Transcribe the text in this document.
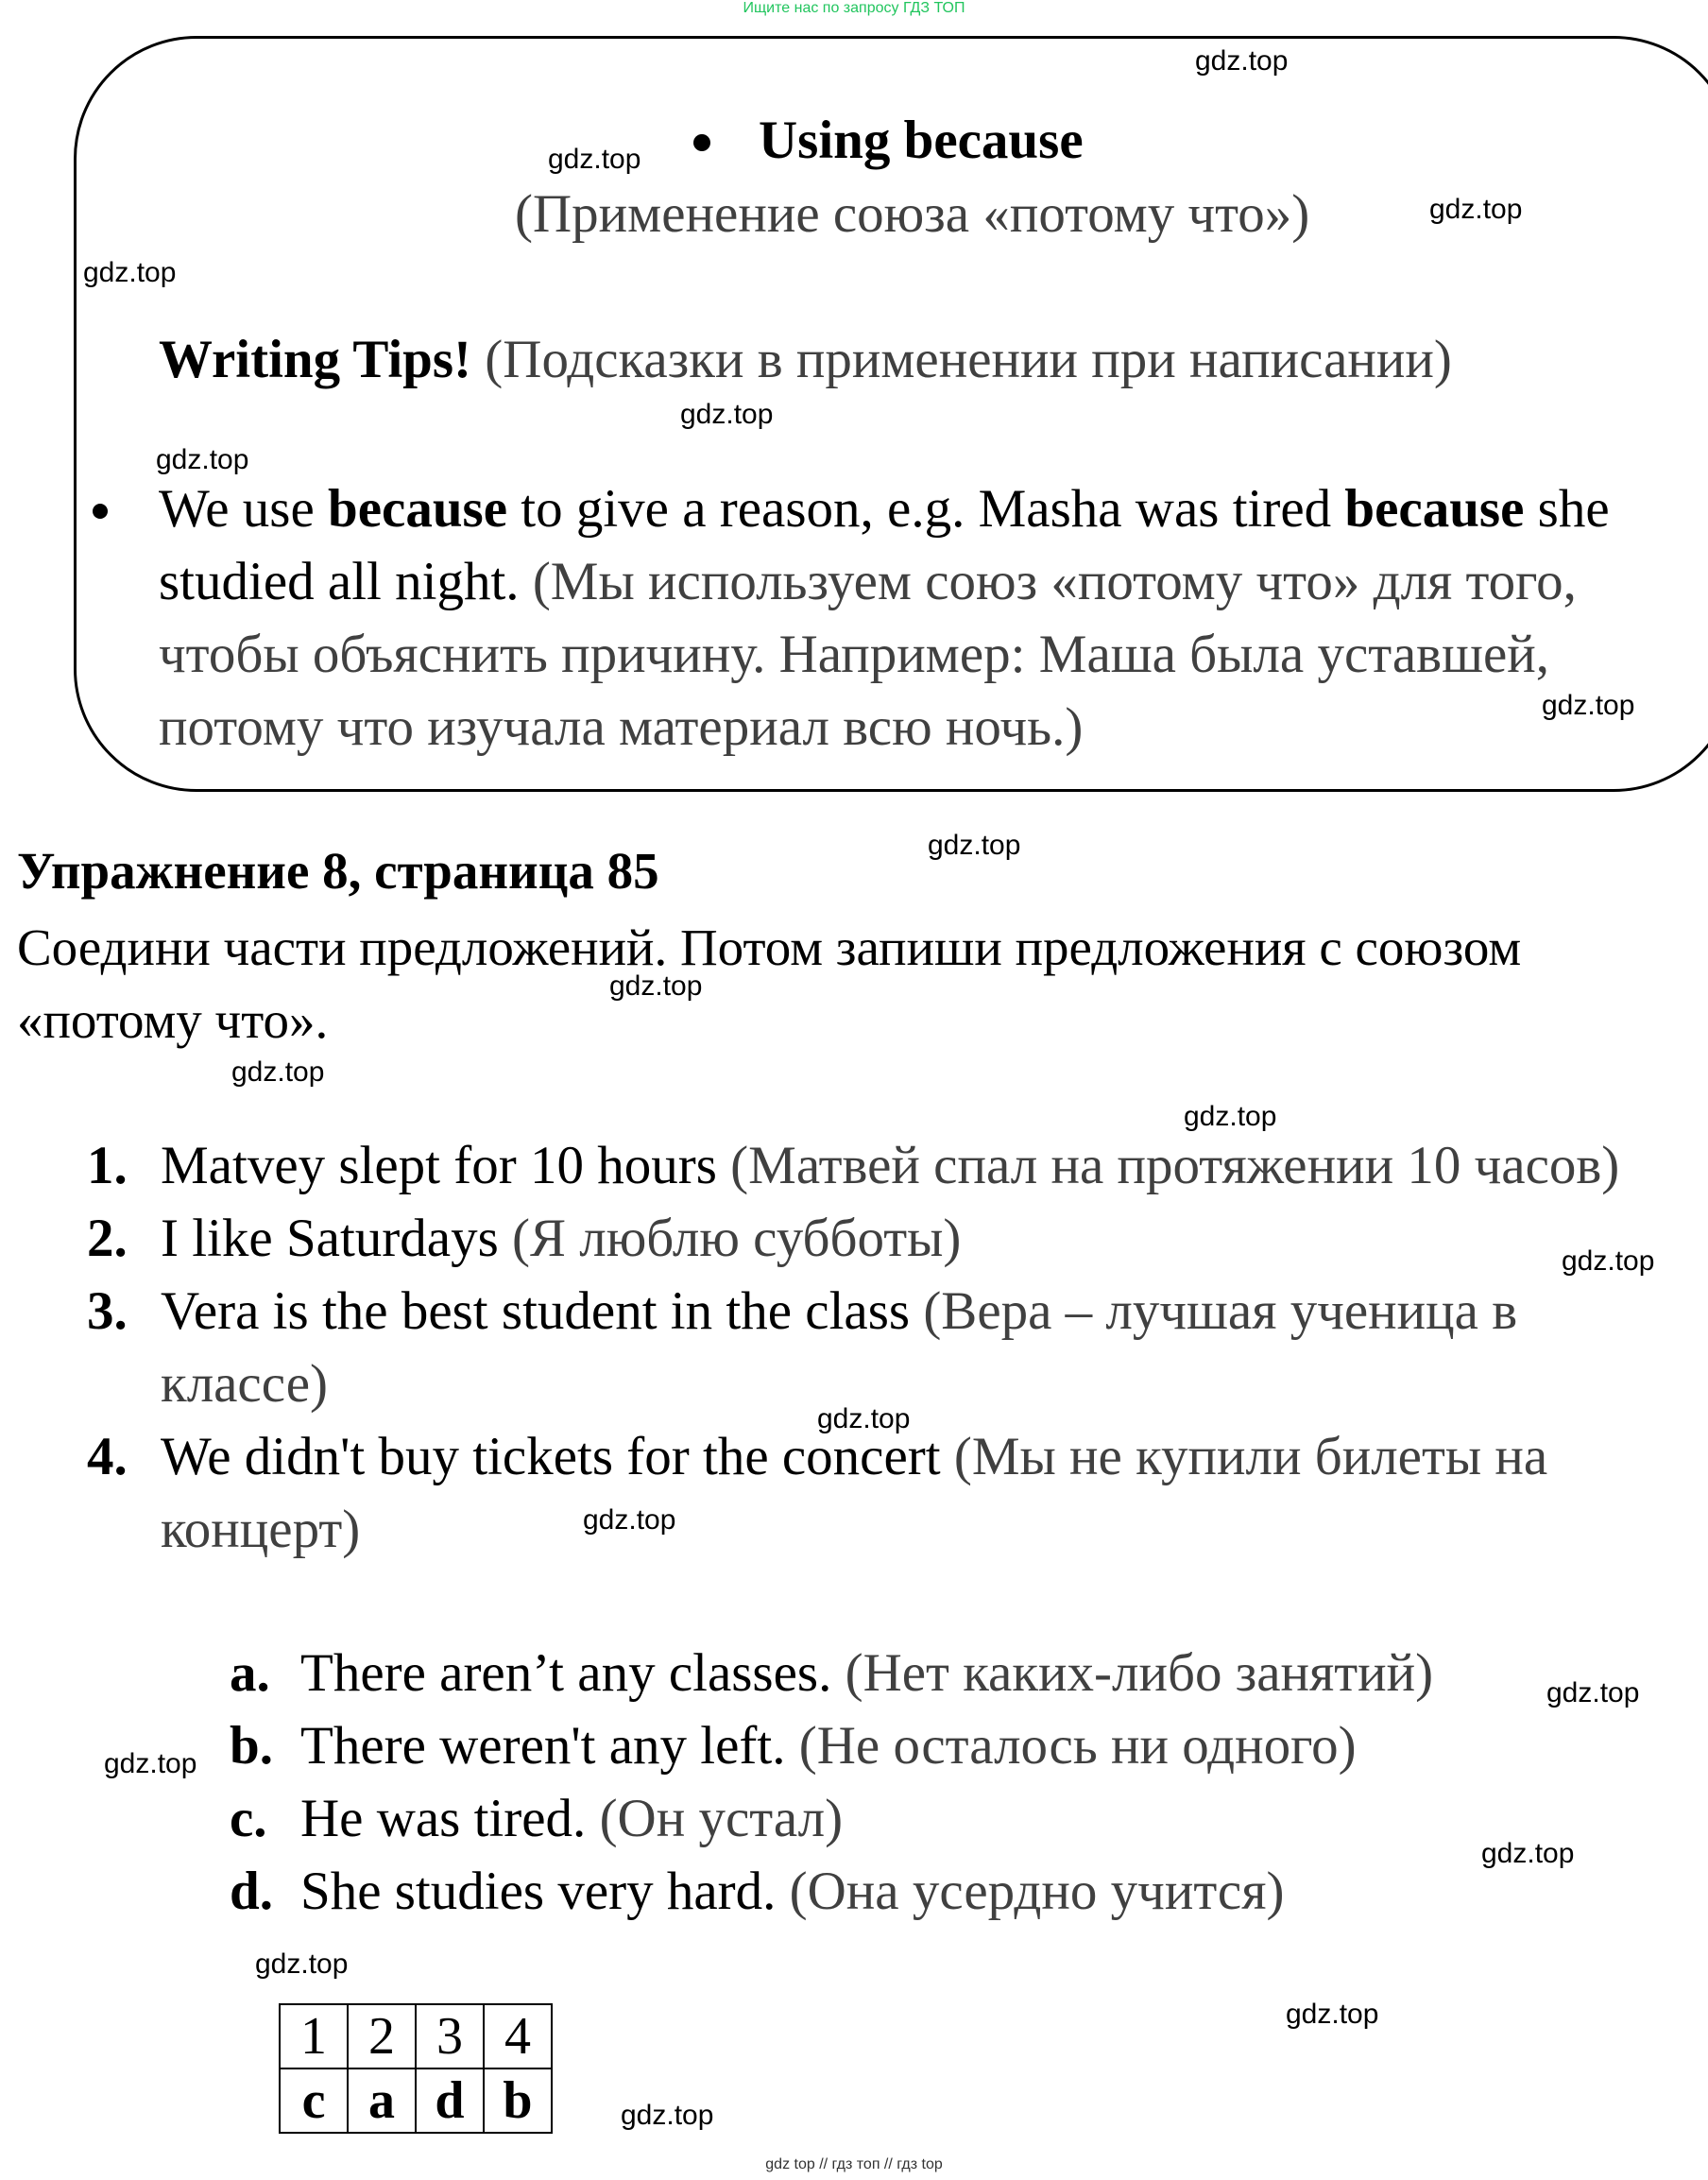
Ищите нас по запросу ГДЗ ТОП
Using because
(Применение союза «потому что»)
Writing Tips! (Подсказки в применении при написании)
We use because to give a reason, e.g. Masha was tired because she studied all night. (Мы используем союз «потому что» для того, чтобы объяснить причину. Например: Маша была уставшей, потому что изучала материал всю ночь.)
Упражнение 8, страница 85
Соедини части предложений. Потом запиши предложения с союзом «потому что».
1. Matvey slept for 10 hours (Матвей спал на протяжении 10 часов)
2. I like Saturdays (Я люблю субботы)
3. Vera is the best student in the class (Вера – лучшая ученица в классе)
4. We didn't buy tickets for the concert (Мы не купили билеты на концерт)
a. There aren’t any classes. (Нет каких-либо занятий)
b. There weren't any left. (Не осталось ни одного)
c. He was tired. (Он устал)
d. She studies very hard. (Она усердно учится)
1	2	3	4
c	a	d	b
gdz.top
gdz.top
gdz.top
gdz.top
gdz.top
gdz.top
gdz.top
gdz.top
gdz.top
gdz.top
gdz.top
gdz.top
gdz.top
gdz.top
gdz.top
gdz.top
gdz.top
gdz.top
gdz.top
gdz.top
gdz top // гдз топ // гдз top
